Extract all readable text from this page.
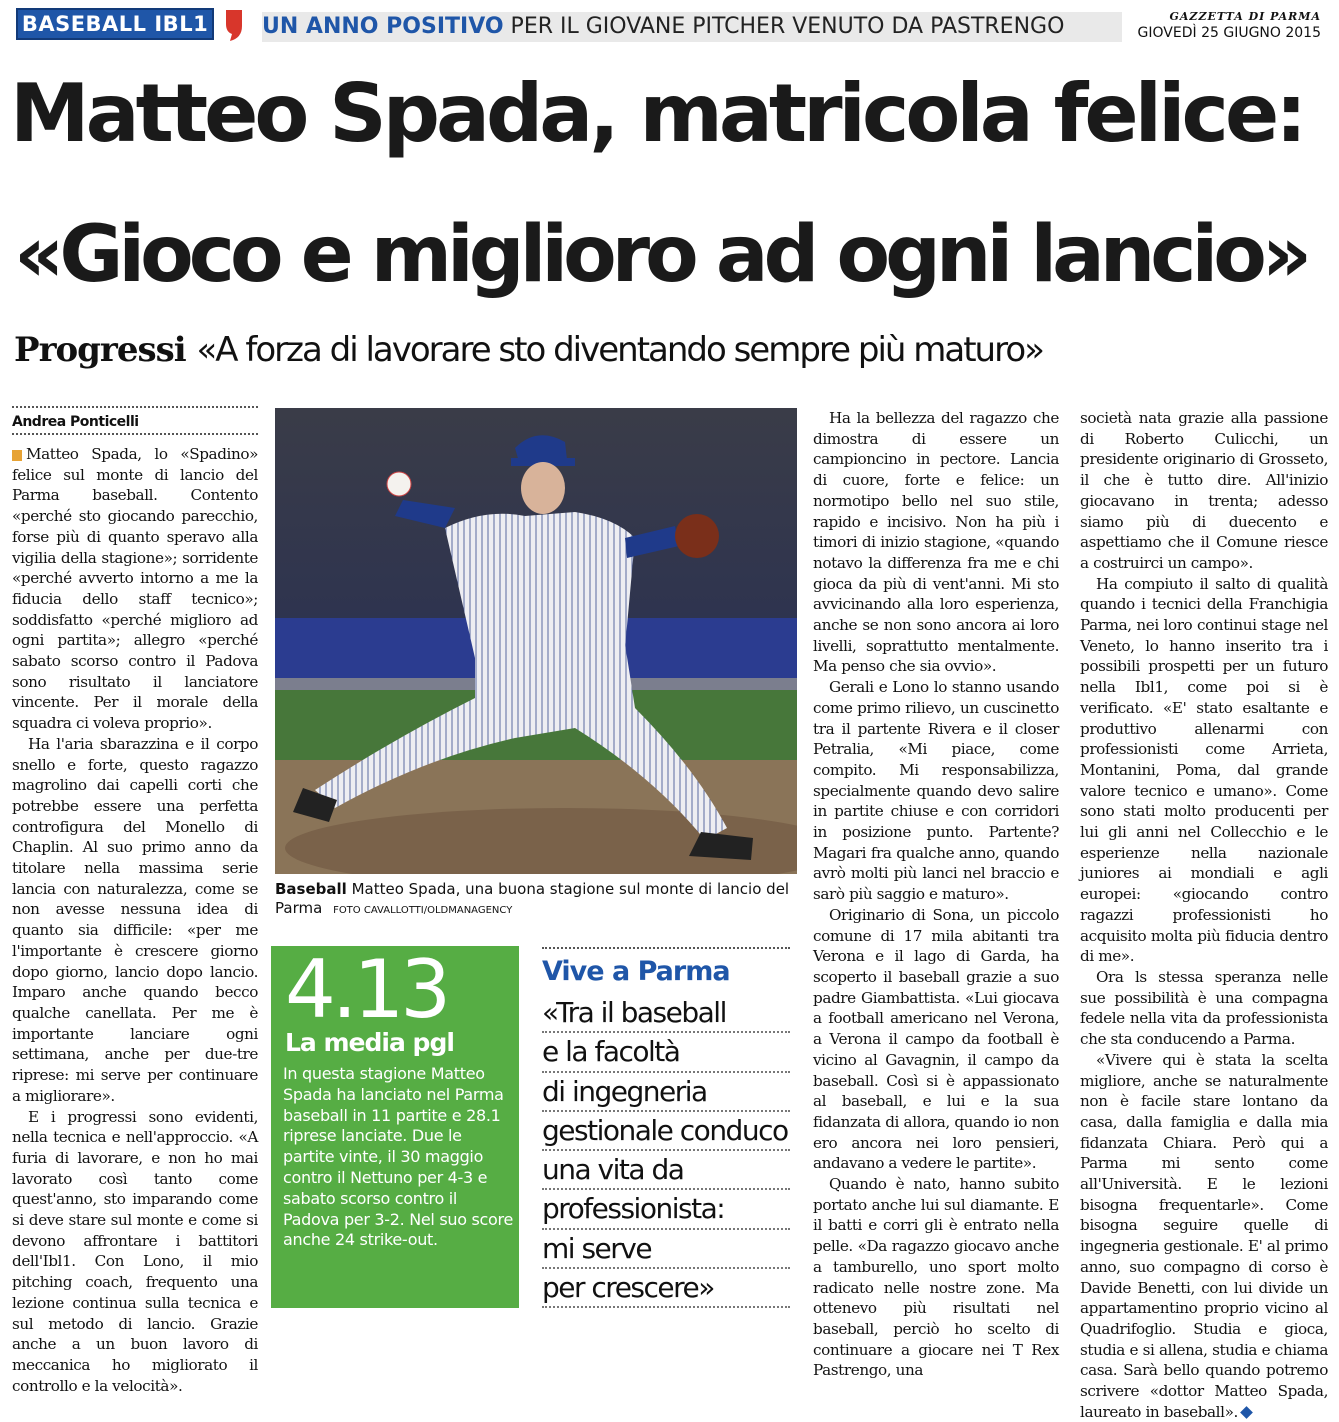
BASEBALL IBL1 UN ANNO POSITIVO PER IL GIOVANE PITCHER VENUTO DA PASTRENGO	GAZZETTA DI PARMA
GIOVEDÌ 25 GIUGNO 2015
Matteo Spada, matricola felice:
«Gioco e miglioro ad ogni lancio»
Progressi «A forza di lavorare sto diventando sempre più maturo»
Andrea Ponticelli

Matteo Spada, lo «Spadino» felice sul monte di lancio del Parma baseball. Contento «perché sto giocando parecchio, forse più di quanto speravo alla vigilia della stagione»; sorridente «perché avverto intorno a me la fiducia dello staff tecnico»; soddisfatto «perché miglioro ad ogni partita»; allegro «perché sabato scorso contro il Padova sono risultato il lanciatore vincente. Per il morale della squadra ci voleva proprio».

Ha l'aria sbarazzina e il corpo snello e forte, questo ragazzo magrolino dai capelli corti che potrebbe essere una perfetta controfigura del Monello di Chaplin. Al suo primo anno da titolare nella massima serie lancia con naturalezza, come se non avesse nessuna idea di quanto sia difficile: «per me l'importante è crescere giorno dopo giorno, lancio dopo lancio. Imparo anche quando becco qualche canellata. Per me è importante lanciare ogni settimana, anche per due-tre riprese: mi serve per continuare a migliorare».

E i progressi sono evidenti, nella tecnica e nell'approccio. «A furia di lavorare, e non ho mai lavorato così tanto come quest'anno, sto imparando come si deve stare sul monte e come si devono affrontare i battitori dell'Ibl1. Con Lono, il mio pitching coach, frequento una lezione continua sulla tecnica e sul metodo di lancio. Grazie anche a un buon lavoro di meccanica ho migliorato il controllo e la velocità».

Baseball Matteo Spada, una buona stagione sul monte di lancio del Parma FOTO CAVALLOTTI/OLDMANAGENCY
4.13
La media pgl
In questa stagione Matteo Spada ha lanciato nel Parma baseball in 11 partite e 28.1 riprese lanciate. Due le partite vinte, il 30 maggio contro il Nettuno per 4-3 e sabato scorso contro il Padova per 3-2. Nel suo score anche 24 strike-out.
Vive a Parma
«Tra il baseball
e la facoltà
di ingegneria
gestionale conduco
una vita da
professionista:
mi serve
per crescere»

Ha la bellezza del ragazzo che dimostra di essere un campioncino in pectore. Lancia di cuore, forte e felice: un normotipo bello nel suo stile, rapido e incisivo. Non ha più i timori di inizio stagione, «quando notavo la differenza fra me e chi gioca da più di vent'anni. Mi sto avvicinando alla loro esperienza, anche se non sono ancora ai loro livelli, soprattutto mentalmente. Ma penso che sia ovvio».

Gerali e Lono lo stanno usando come primo rilievo, un cuscinetto tra il partente Rivera e il closer Petralia, «Mi piace, come compito. Mi responsabilizza, specialmente quando devo salire in partite chiuse e con corridori in posizione punto. Partente? Magari fra qualche anno, quando avrò molti più lanci nel braccio e sarò più saggio e maturo».

Originario di Sona, un piccolo comune di 17 mila abitanti tra Verona e il lago di Garda, ha scoperto il baseball grazie a suo padre Giambattista. «Lui giocava a football americano nel Verona, a Verona il campo da football è vicino al Gavagnin, il campo da baseball. Così si è appassionato al baseball, e lui e la sua fidanzata di allora, quando io non ero ancora nei loro pensieri, andavano a vedere le partite».

Quando è nato, hanno subito portato anche lui sul diamante. E il batti e corri gli è entrato nella pelle. «Da ragazzo giocavo anche a tamburello, uno sport molto radicato nelle nostre zone. Ma ottenevo più risultati nel baseball, perciò ho scelto di continuare a giocare nei T Rex Pastrengo, una

società nata grazie alla passione di Roberto Culicchi, un presidente originario di Grosseto, il che è tutto dire. All'inizio giocavano in trenta; adesso siamo più di duecento e aspettiamo che il Comune riesce a costruirci un campo».

Ha compiuto il salto di qualità quando i tecnici della Franchigia Parma, nei loro continui stage nel Veneto, lo hanno inserito tra i possibili prospetti per un futuro nella Ibl1, come poi si è verificato. «E' stato esaltante e produttivo allenarmi con professionisti come Arrieta, Montanini, Poma, dal grande valore tecnico e umano». Come sono stati molto producenti per lui gli anni nel Collecchio e le esperienze nella nazionale juniores ai mondiali e agli europei: «giocando contro ragazzi professionisti ho acquisito molta più fiducia dentro di me».

Ora ls stessa speranza nelle sue possibilità è una compagna fedele nella vita da professionista che sta conducendo a Parma.

«Vivere qui è stata la scelta migliore, anche se naturalmente non è facile stare lontano da casa, dalla famiglia e dalla mia fidanzata Chiara. Però qui a Parma mi sento come all'Università. E le lezioni bisogna frequentarle». Come bisogna seguire quelle di ingegneria gestionale. E' al primo anno, suo compagno di corso è Davide Benetti, con lui divide un appartamentino proprio vicino al Quadrifoglio. Studia e gioca, studia e si allena, studia e chiama casa. Sarà bello quando potremo scrivere «dottor Matteo Spada, laureato in baseball».
